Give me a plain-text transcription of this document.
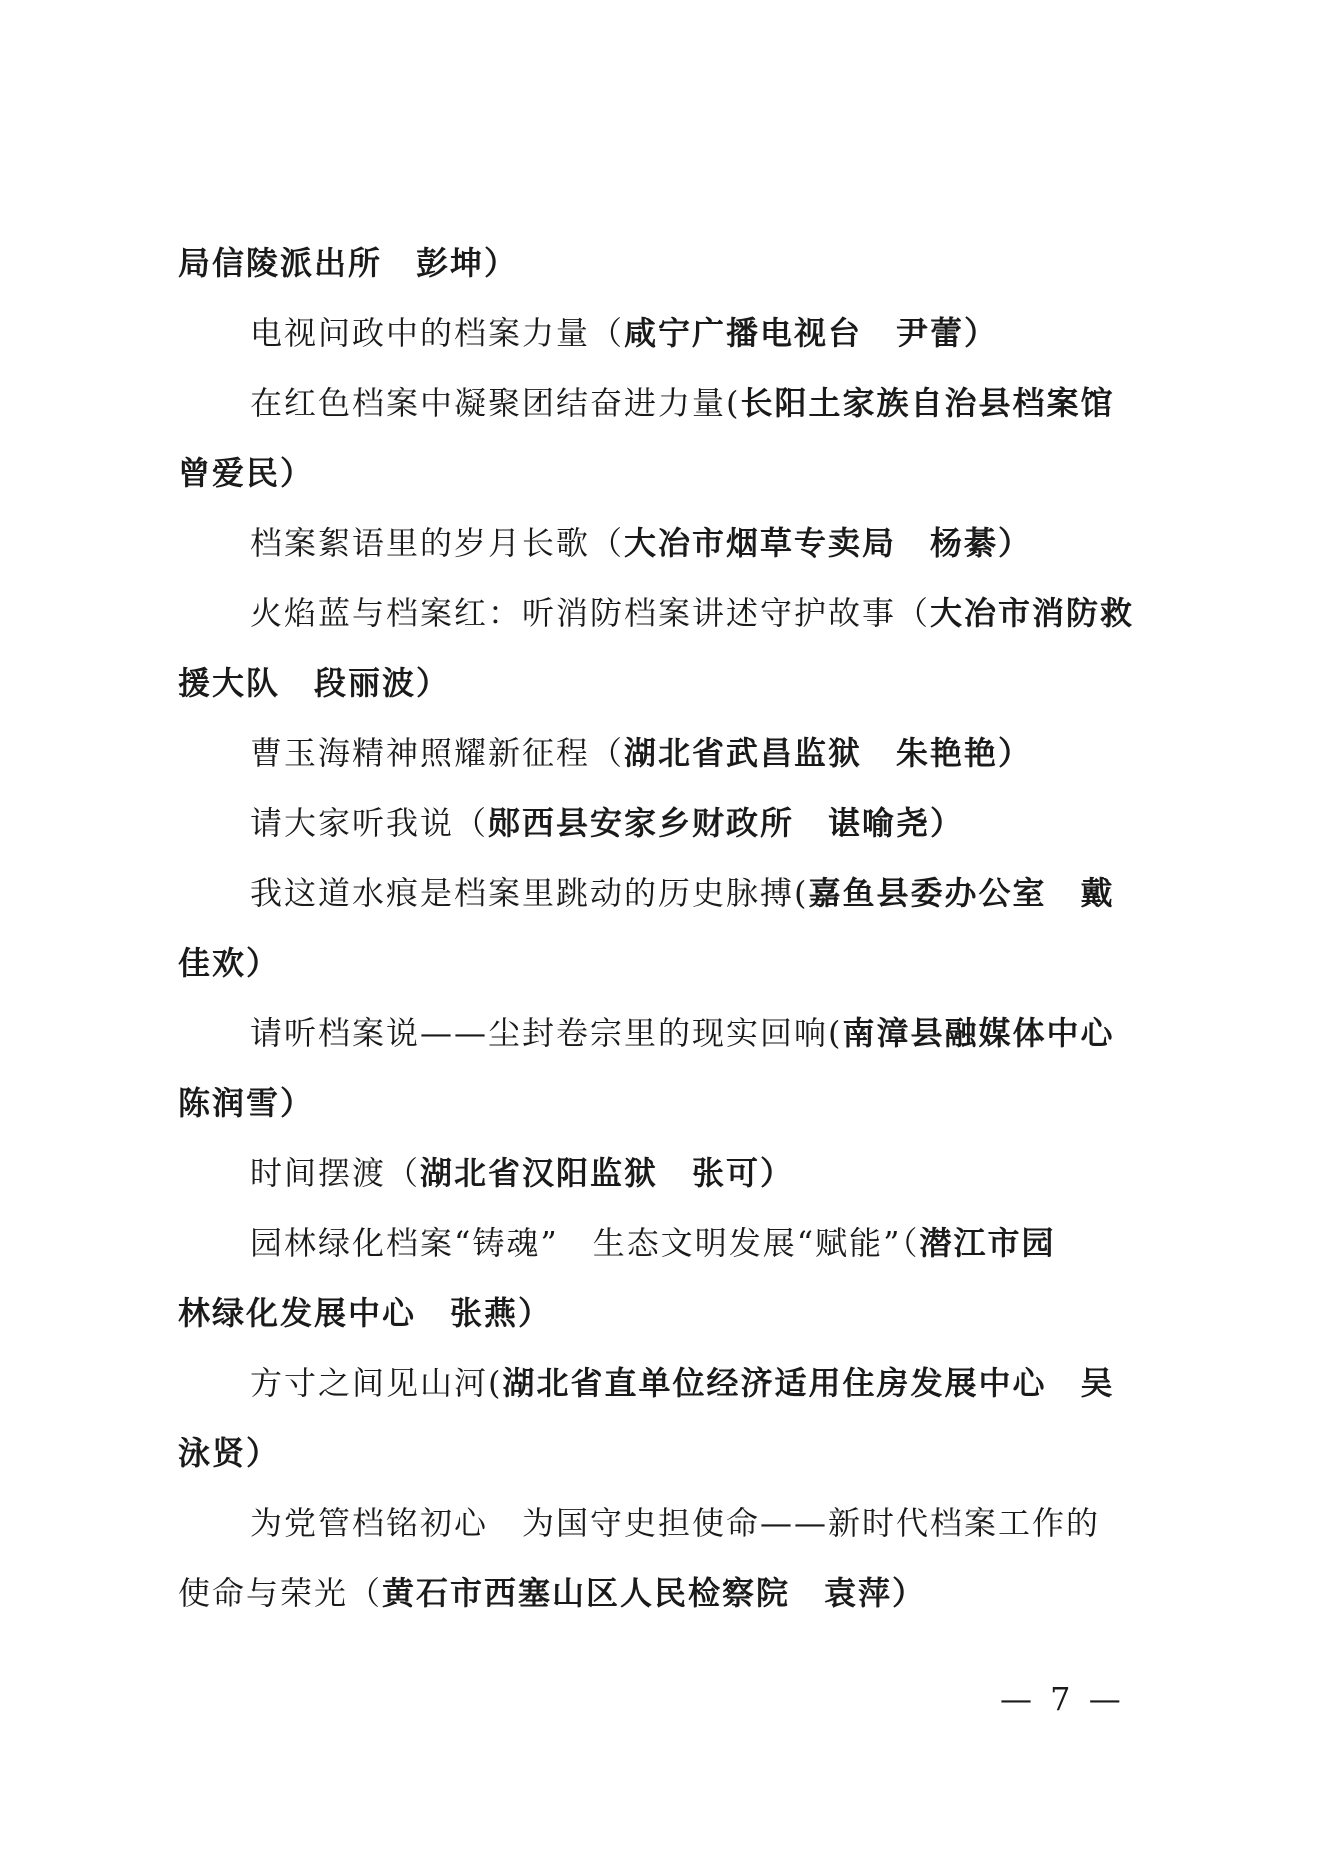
局信陵派出所　彭坤）
电视问政中的档案力量（咸宁广播电视台　尹蕾）
在红色档案中凝聚团结奋进力量(长阳土家族自治县档案馆
曾爱民）
档案絮语里的岁月长歌（大冶市烟草专卖局　杨綦）
火焰蓝与档案红：听消防档案讲述守护故事（大冶市消防救
援大队　段丽波）
曹玉海精神照耀新征程（湖北省武昌监狱　朱艳艳）
请大家听我说（郧西县安家乡财政所　谌喻尧）
我这道水痕是档案里跳动的历史脉搏(嘉鱼县委办公室　戴
佳欢）
请听档案说——尘封卷宗里的现实回响(南漳县融媒体中心
陈润雪）
时间摆渡（湖北省汉阳监狱　张可）
园林绿化档案“铸魂”　生态文明发展“赋能”（潜江市园
林绿化发展中心　张燕）
方寸之间见山河(湖北省直单位经济适用住房发展中心　吴
泳贤）
为党管档铭初心　为国守史担使命——新时代档案工作的
使命与荣光（黄石市西塞山区人民检察院　袁萍）
— 7 —
